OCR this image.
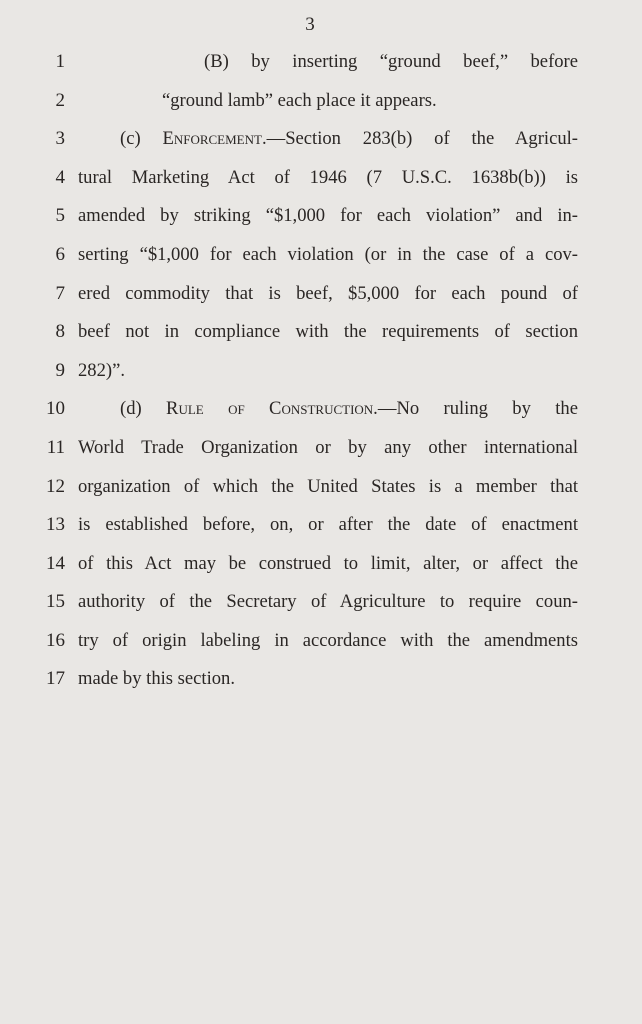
3
1	(B) by inserting “ground beef,” before
2	“ground lamb” each place it appears.
3	(c) Enforcement.—Section 283(b) of the Agricul-
4 tural Marketing Act of 1946 (7 U.S.C. 1638b(b)) is
5 amended by striking “$1,000 for each violation” and in-
6 serting “$1,000 for each violation (or in the case of a cov-
7 ered commodity that is beef, $5,000 for each pound of
8 beef not in compliance with the requirements of section
9 282)”.
10	(d) Rule of Construction.—No ruling by the
11 World Trade Organization or by any other international
12 organization of which the United States is a member that
13 is established before, on, or after the date of enactment
14 of this Act may be construed to limit, alter, or affect the
15 authority of the Secretary of Agriculture to require coun-
16 try of origin labeling in accordance with the amendments
17 made by this section.
